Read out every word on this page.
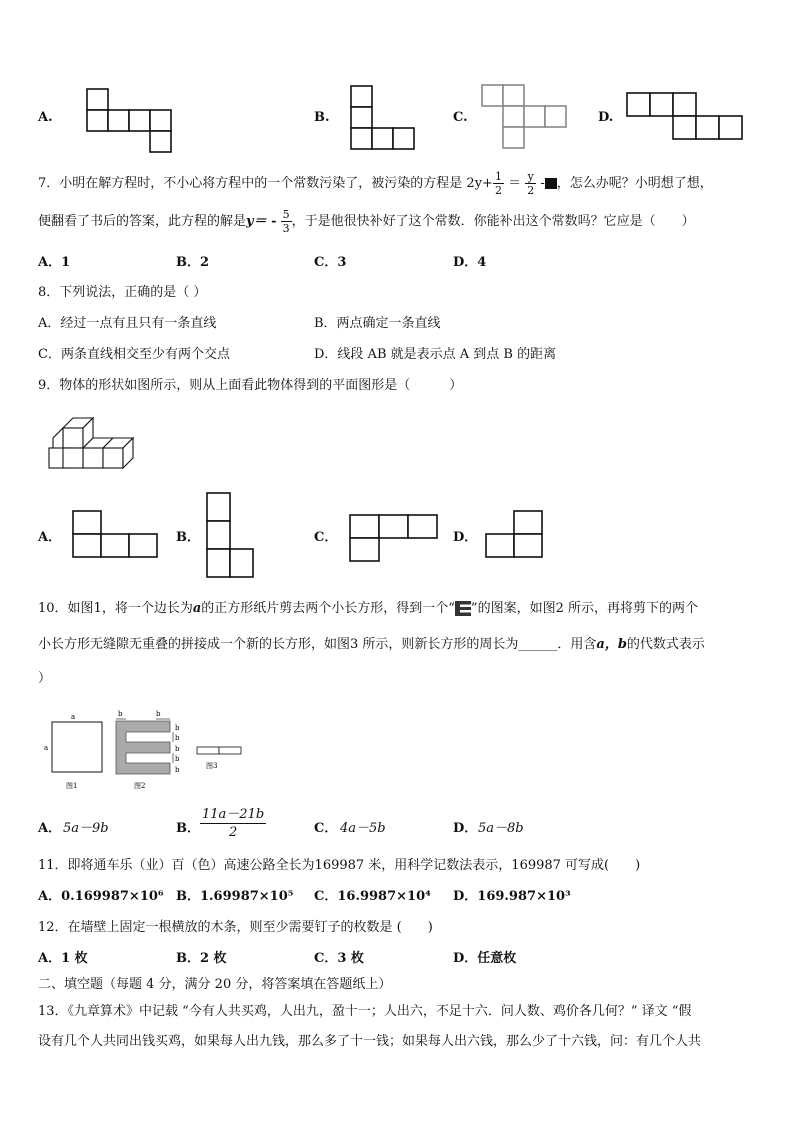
A.	B.	C.	D.
7．小明在解方程时，不小心将方程中的一个常数污染了，被污染的方程是 $2y+ \frac{1}{2} = \frac{y}{2}$ - ，怎么办呢？小明想了想，
便翻看了书后的答案，此方程的解是$y= - \frac{5}{3}$ ，于是他很快补好了这个常数．你能补出这个常数吗？它应是（　　）
A．1	B．2	C．3	D．4
8．下列说法，正确的是（ ）
A．经过一点有且只有一条直线	B．两点确定一条直线
C．两条直线相交至少有两个交点	D．线段 AB 就是表示点 A 到点 B 的距离
9．物体的形状如图所示，则从上面看此物体得到的平面图形是（　　　）
A．	B．	C．	D．
10．如图1，将一个边长为a的正方形纸片剪去两个小长方形，得到一个“ ”的图案，如图2 所示，再将剪下的两个
小长方形无缝隙无重叠的拼接成一个新的长方形，如图3 所示，则新长方形的周长为______．用含a，b的代数式表示
）
a
a
图1
b	b
b
b
b
b
b
图2
图3
A． 5a－9b	B． $\frac{11a-21b}{2}$	C． 4a－5b	D． 5a－8b
11．即将通车乐（业）百（色）高速公路全长为169987 米，用科学记数法表示，169987 可写成(　　)
A．0.169987×10⁶ B．1.69987×10⁵ C．16.9987×10⁴ D．169.987×10³
12．在墙壁上固定一根横放的木条，则至少需要钉子的枚数是 (　　)
A．1 枚	B．2 枚	C．3 枚	D．任意枚
二、填空题（每题 4 分，满分 20 分，将答案填在答题纸上）
13．《九章算术》中记载 “今有人共买鸡，人出九，盈十一；人出六，不足十六．问人数、鸡价各几何？” 译文 “假
设有几个人共同出钱买鸡，如果每人出九钱，那么多了十一钱；如果每人出六钱，那么少了十六钱，问：有几个人共
